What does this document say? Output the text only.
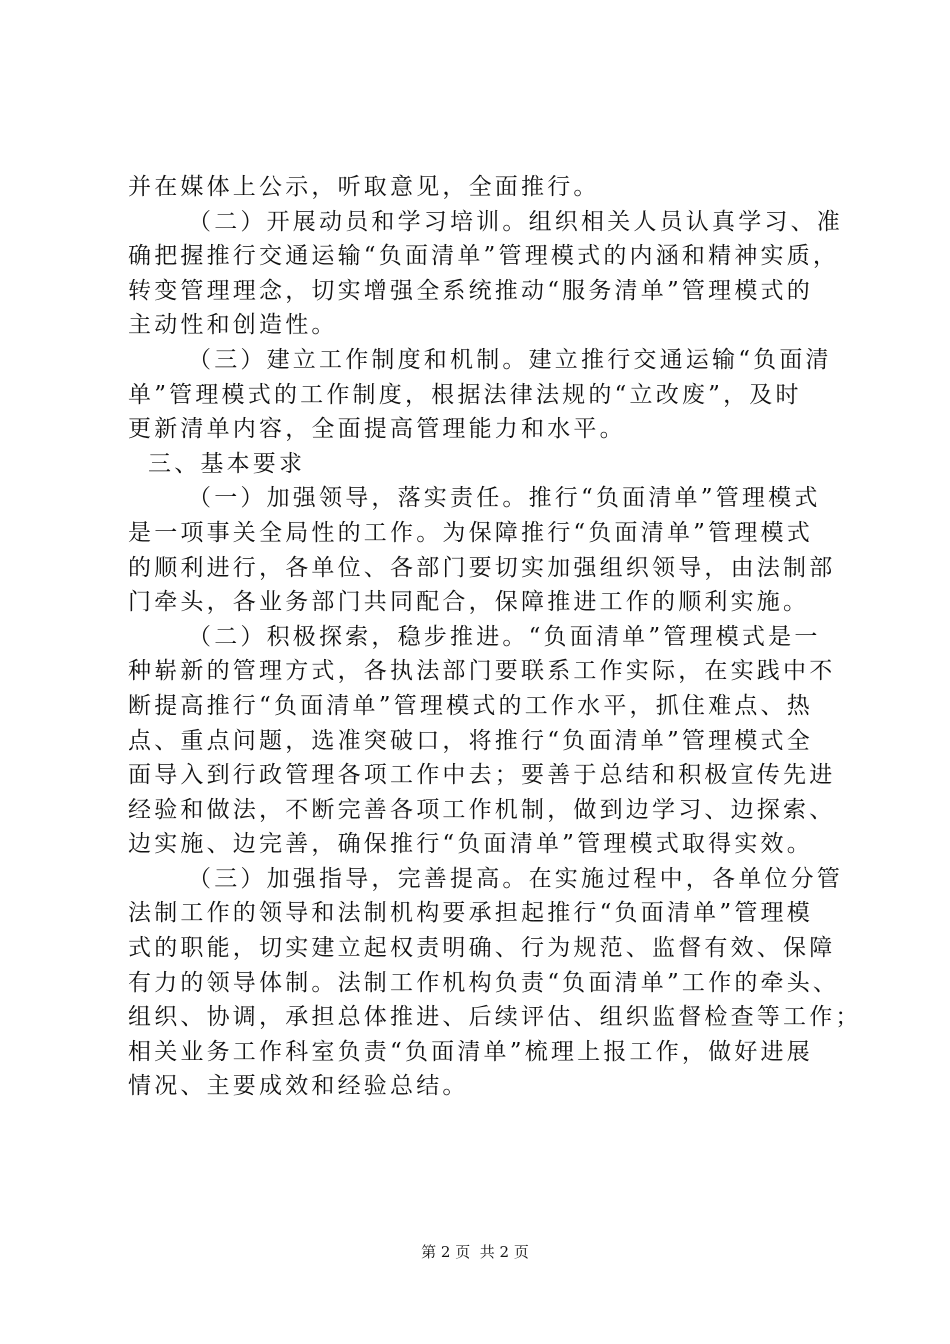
并在媒体上公示，听取意见，全面推行。
（二）开展动员和学习培训。组织相关人员认真学习、准
确把握推行交通运输“负面清单”管理模式的内涵和精神实质，
转变管理理念，切实增强全系统推动“服务清单”管理模式的
主动性和创造性。
（三）建立工作制度和机制。建立推行交通运输“负面清
单”管理模式的工作制度，根据法律法规的“立改废”，及时
更新清单内容，全面提高管理能力和水平。
三、基本要求
（一）加强领导，落实责任。推行“负面清单”管理模式
是一项事关全局性的工作。为保障推行“负面清单”管理模式
的顺利进行，各单位、各部门要切实加强组织领导，由法制部
门牵头，各业务部门共同配合，保障推进工作的顺利实施。
（二）积极探索，稳步推进。“负面清单”管理模式是一
种崭新的管理方式，各执法部门要联系工作实际，在实践中不
断提高推行“负面清单”管理模式的工作水平，抓住难点、热
点、重点问题，选准突破口，将推行“负面清单”管理模式全
面导入到行政管理各项工作中去；要善于总结和积极宣传先进
经验和做法，不断完善各项工作机制，做到边学习、边探索、
边实施、边完善，确保推行“负面清单”管理模式取得实效。
（三）加强指导，完善提高。在实施过程中，各单位分管
法制工作的领导和法制机构要承担起推行“负面清单”管理模
式的职能，切实建立起权责明确、行为规范、监督有效、保障
有力的领导体制。法制工作机构负责“负面清单”工作的牵头、
组织、协调，承担总体推进、后续评估、组织监督检查等工作；
相关业务工作科室负责“负面清单”梳理上报工作，做好进展
情况、主要成效和经验总结。
第 2 页  共 2 页
